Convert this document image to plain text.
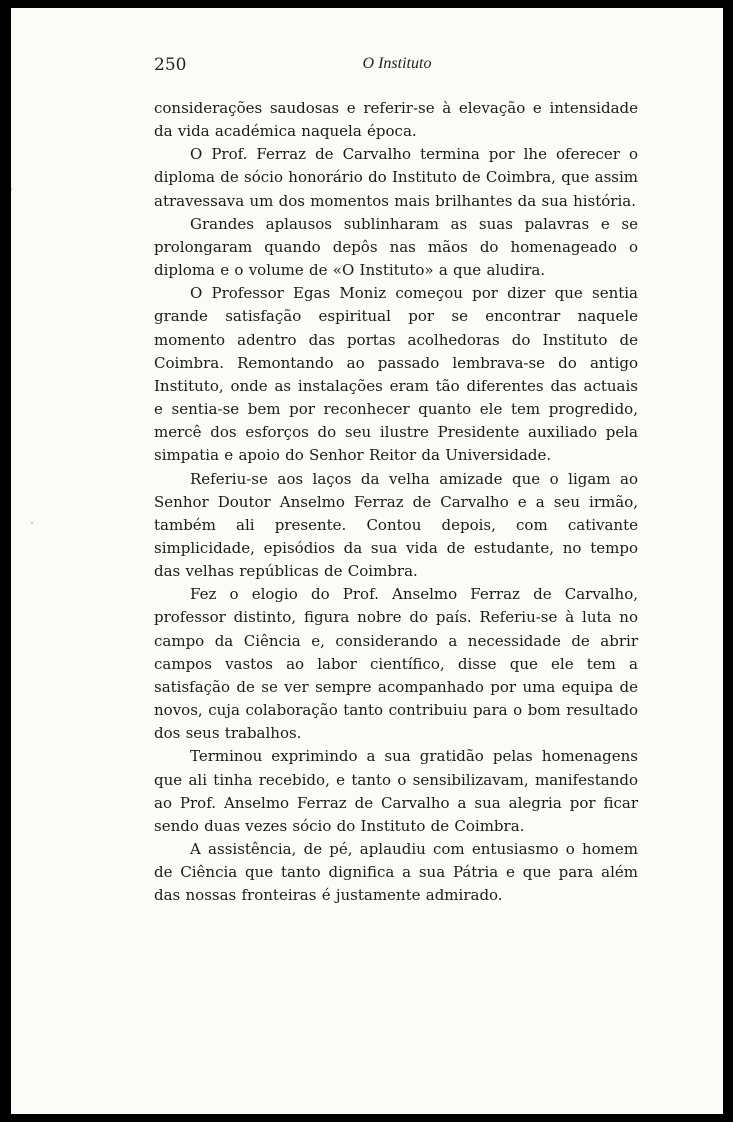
250	O Instituto

considerações saudosas e referir-se à elevação e intensidade da vida académica naquela época.

O Prof. Ferraz de Carvalho termina por lhe oferecer o diploma de sócio honorário do Instituto de Coimbra, que assim atravessava um dos momentos mais brilhantes da sua história.

Grandes aplausos sublinharam as suas palavras e se prolongaram quando depôs nas mãos do homenageado o diploma e o volume de «O Instituto» a que aludira.

O Professor Egas Moniz começou por dizer que sentia grande satisfação espiritual por se encontrar naquele momento adentro das portas acolhedoras do Instituto de Coimbra. Remontando ao passado lembrava-se do antigo Instituto, onde as instalações eram tão diferentes das actuais e sentia-se bem por reconhecer quanto ele tem progredido, mercê dos esforços do seu ilustre Presidente auxiliado pela simpatia e apoio do Senhor Reitor da Universidade.

Referiu-se aos laços da velha amizade que o ligam ao Senhor Doutor Anselmo Ferraz de Carvalho e a seu irmão, também ali presente. Contou depois, com cativante simplicidade, episódios da sua vida de estudante, no tempo das velhas repúblicas de Coimbra.

Fez o elogio do Prof. Anselmo Ferraz de Carvalho, professor distinto, figura nobre do país. Referiu-se à luta no campo da Ciência e, considerando a necessidade de abrir campos vastos ao labor científico, disse que ele tem a satisfação de se ver sempre acompanhado por uma equipa de novos, cuja colaboração tanto contribuiu para o bom resultado dos seus trabalhos.

Terminou exprimindo a sua gratidão pelas homenagens que ali tinha recebido, e tanto o sensibilizavam, manifestando ao Prof. Anselmo Ferraz de Carvalho a sua alegria por ficar sendo duas vezes sócio do Instituto de Coimbra.

A assistência, de pé, aplaudiu com entusiasmo o homem de Ciência que tanto dignifica a sua Pátria e que para além das nossas fronteiras é justamente admirado.
